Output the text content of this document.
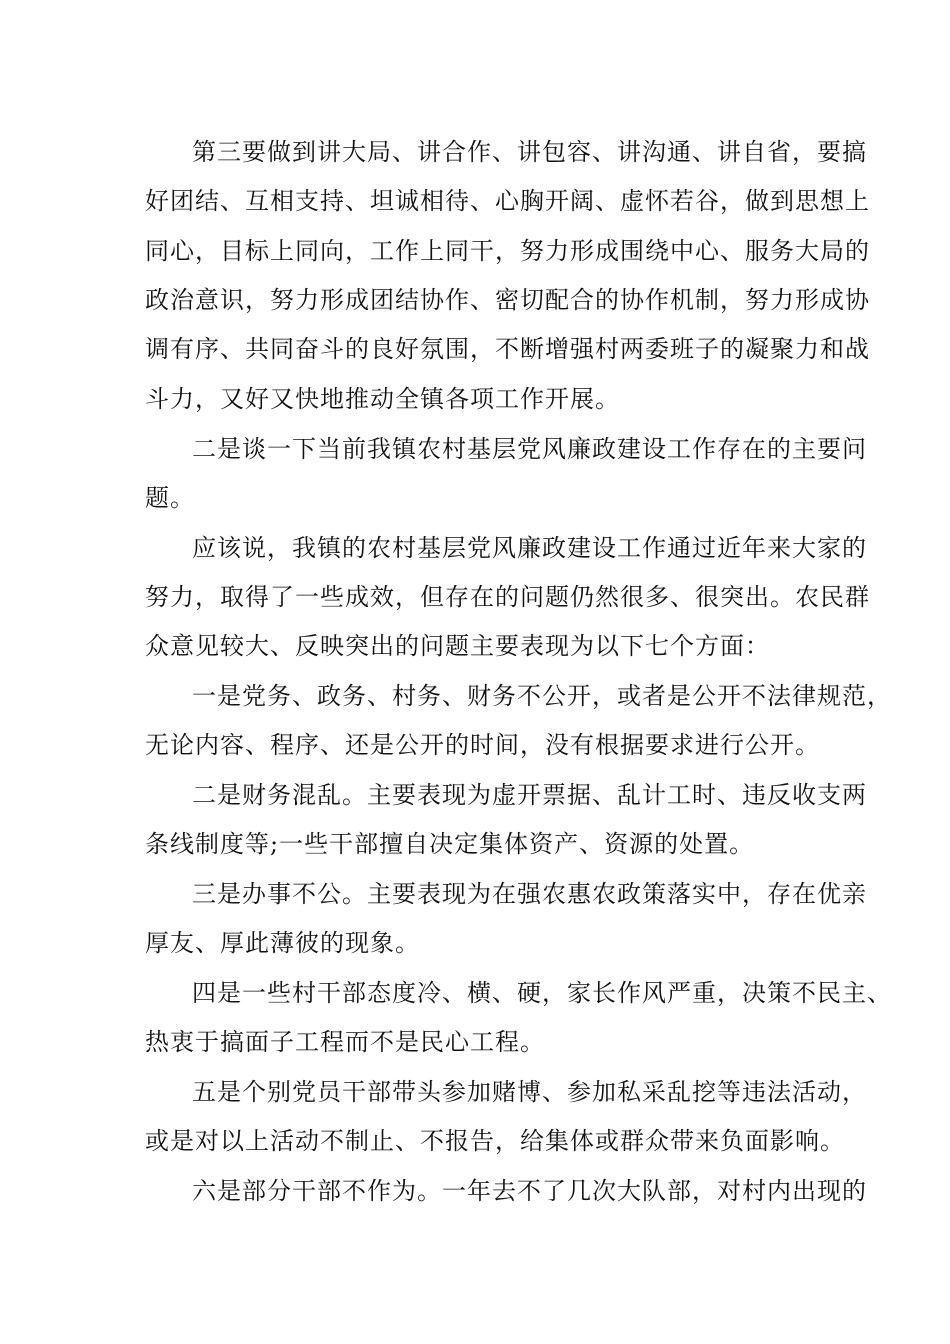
第三要做到讲大局、讲合作、讲包容、讲沟通、讲自省，要搞
好团结、互相支持、坦诚相待、心胸开阔、虚怀若谷，做到思想上
同心，目标上同向，工作上同干，努力形成围绕中心、服务大局的
政治意识，努力形成团结协作、密切配合的协作机制，努力形成协
调有序、共同奋斗的良好氛围，不断增强村两委班子的凝聚力和战
斗力，又好又快地推动全镇各项工作开展。
二是谈一下当前我镇农村基层党风廉政建设工作存在的主要问
题。
应该说，我镇的农村基层党风廉政建设工作通过近年来大家的
努力，取得了一些成效，但存在的问题仍然很多、很突出。农民群
众意见较大、反映突出的问题主要表现为以下七个方面：
一是党务、政务、村务、财务不公开，或者是公开不法律规范，
无论内容、程序、还是公开的时间，没有根据要求进行公开。
二是财务混乱。主要表现为虚开票据、乱计工时、违反收支两
条线制度等;一些干部擅自决定集体资产、资源的处置。
三是办事不公。主要表现为在强农惠农政策落实中，存在优亲
厚友、厚此薄彼的现象。
四是一些村干部态度冷、横、硬，家长作风严重，决策不民主、
热衷于搞面子工程而不是民心工程。
五是个别党员干部带头参加赌博、参加私采乱挖等违法活动，
或是对以上活动不制止、不报告，给集体或群众带来负面影响。
六是部分干部不作为。一年去不了几次大队部，对村内出现的
